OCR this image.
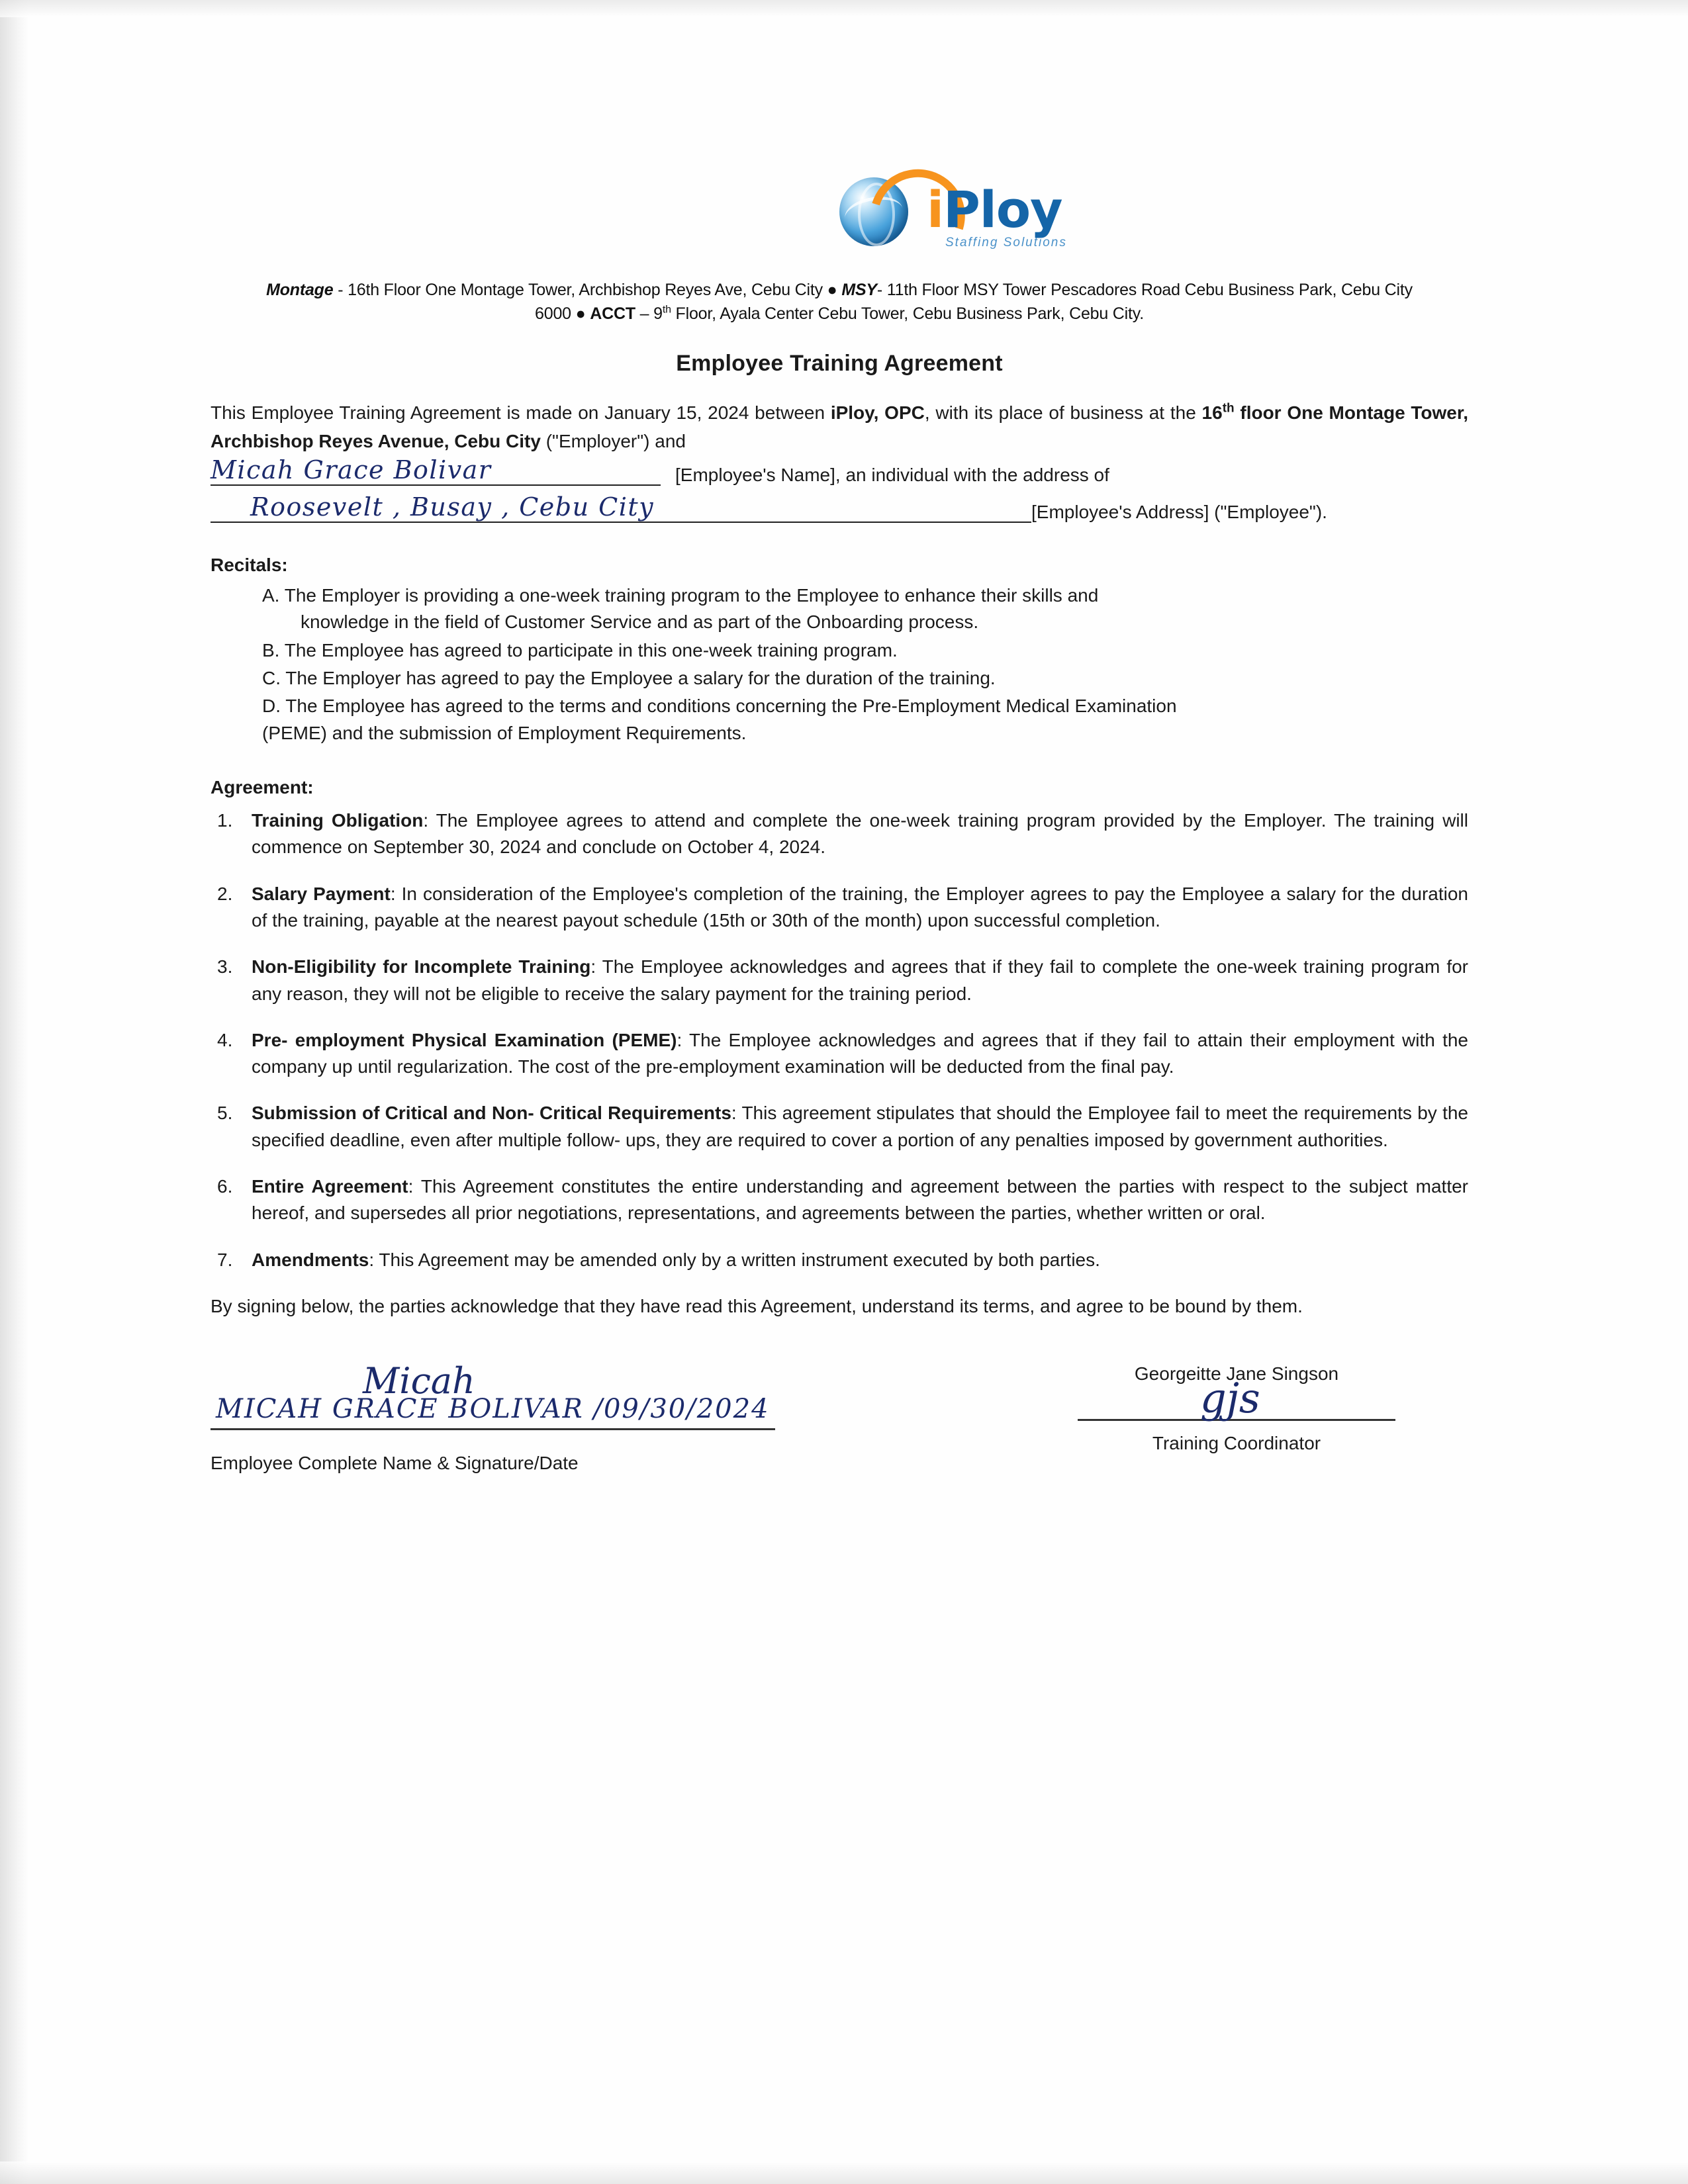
iPloy
Staffing Solutions
Montage - 16th Floor One Montage Tower, Archbishop Reyes Ave, Cebu City ● MSY- 11th Floor MSY Tower Pescadores Road Cebu Business Park, Cebu City
6000 ● ACCT – 9th Floor, Ayala Center Cebu Tower, Cebu Business Park, Cebu City.
Employee Training Agreement
This Employee Training Agreement is made on January 15, 2024 between iPloy, OPC, with its place of business at the 16th floor One Montage Tower, Archbishop Reyes Avenue, Cebu City ("Employer") and
Micah Grace Bolivar	[Employee's Name], an individual with the address of
Roosevelt , Busay , Cebu City	[Employee's Address] ("Employee").
Recitals:
A. The Employer is providing a one-week training program to the Employee to enhance their skills and
knowledge in the field of Customer Service and as part of the Onboarding process.
B. The Employee has agreed to participate in this one-week training program.
C. The Employer has agreed to pay the Employee a salary for the duration of the training.
D. The Employee has agreed to the terms and conditions concerning the Pre-Employment Medical Examination
(PEME) and the submission of Employment Requirements.
Agreement:
1. Training Obligation: The Employee agrees to attend and complete the one-week training program provided by the Employer. The training will commence on September 30, 2024 and conclude on October 4, 2024.
2. Salary Payment: In consideration of the Employee's completion of the training, the Employer agrees to pay the Employee a salary for the duration of the training, payable at the nearest payout schedule (15th or 30th of the month) upon successful completion.
3. Non-Eligibility for Incomplete Training: The Employee acknowledges and agrees that if they fail to complete the one-week training program for any reason, they will not be eligible to receive the salary payment for the training period.
4. Pre- employment Physical Examination (PEME): The Employee acknowledges and agrees that if they fail to attain their employment with the company up until regularization. The cost of the pre-employment examination will be deducted from the final pay.
5. Submission of Critical and Non- Critical Requirements: This agreement stipulates that should the Employee fail to meet the requirements by the specified deadline, even after multiple follow- ups, they are required to cover a portion of any penalties imposed by government authorities.
6. Entire Agreement: This Agreement constitutes the entire understanding and agreement between the parties with respect to the subject matter hereof, and supersedes all prior negotiations, representations, and agreements between the parties, whether written or oral.
7. Amendments: This Agreement may be amended only by a written instrument executed by both parties.
By signing below, the parties acknowledge that they have read this Agreement, understand its terms, and agree to be bound by them.
Micah
MICAH GRACE BOLIVAR /09/30/2024
Employee Complete Name & Signature/Date
Georgeitte Jane Singson
gjs
Training Coordinator
